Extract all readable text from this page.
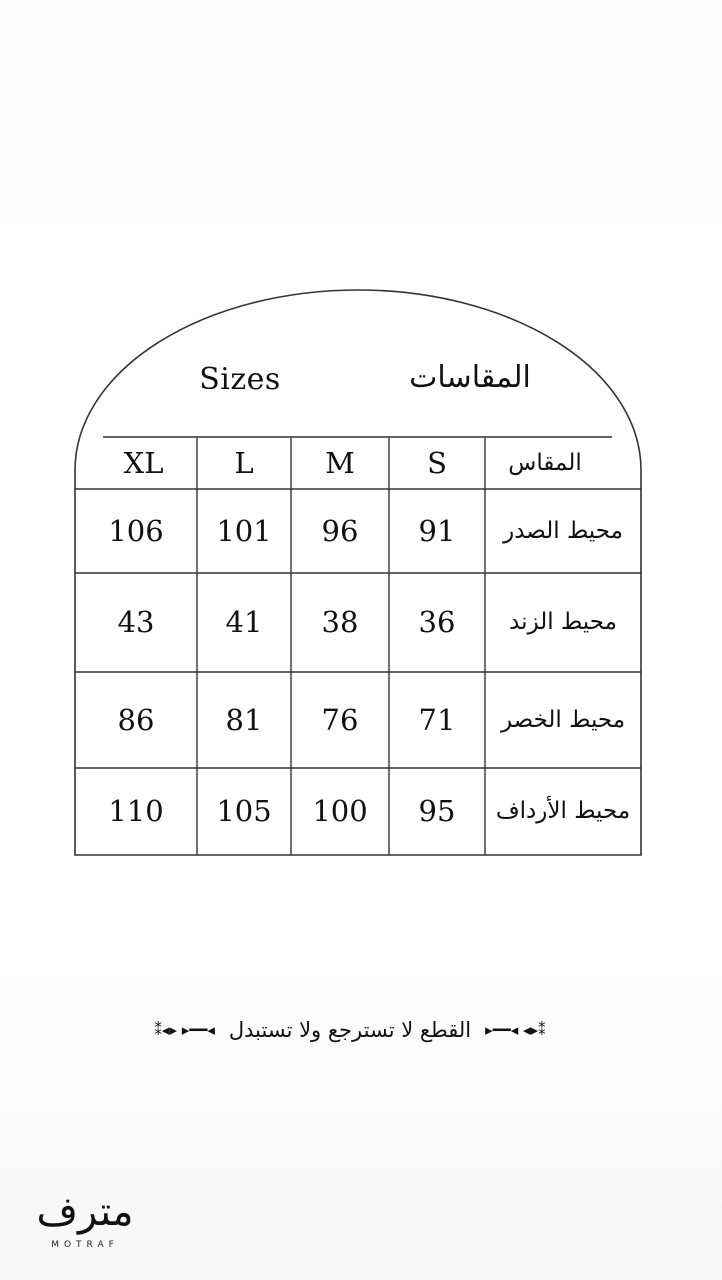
Sizes	المقاسات
المقاس
S
M
L
XL
محيط الصدر
91
96
101
106
محيط الزند
36
38
41
43
محيط الخصر
71
76
81
86
محيط الأرداف
95
100
105
110
⁑◂▸ ▸━━◂ القطع لا تسترجع ولا تستبدل ▸━━◂ ◂▸⁑
مترف
MOTRAF
